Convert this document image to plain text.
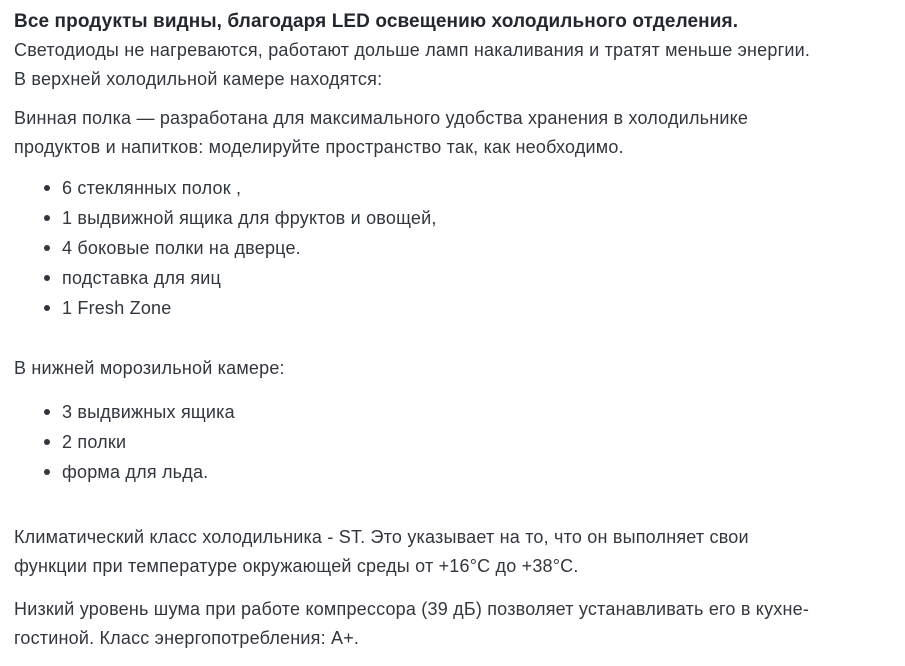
Все продукты видны, благодаря LED освещению холодильного отделения.
Светодиоды не нагреваются, работают дольше ламп накаливания и тратят меньше энергии.
В верхней холодильной камере находятся:
Винная полка — разработана для максимального удобства хранения в холодильнике
продуктов и напитков: моделируйте пространство так, как необходимо.
6 стеклянных полок ,
1 выдвижной ящика для фруктов и овощей,
4 боковые полки на дверце.
подставка для яиц
1 Fresh Zone
В нижней морозильной камере:
3 выдвижных ящика
2 полки
форма для льда.
Климатический класс холодильника - ST. Это указывает на то, что он выполняет свои
функции при температуре окружающей среды от +16°С до +38°С.
Низкий уровень шума при работе компрессора (39 дБ) позволяет устанавливать его в кухне-
гостиной. Класс энергопотребления: А+.
